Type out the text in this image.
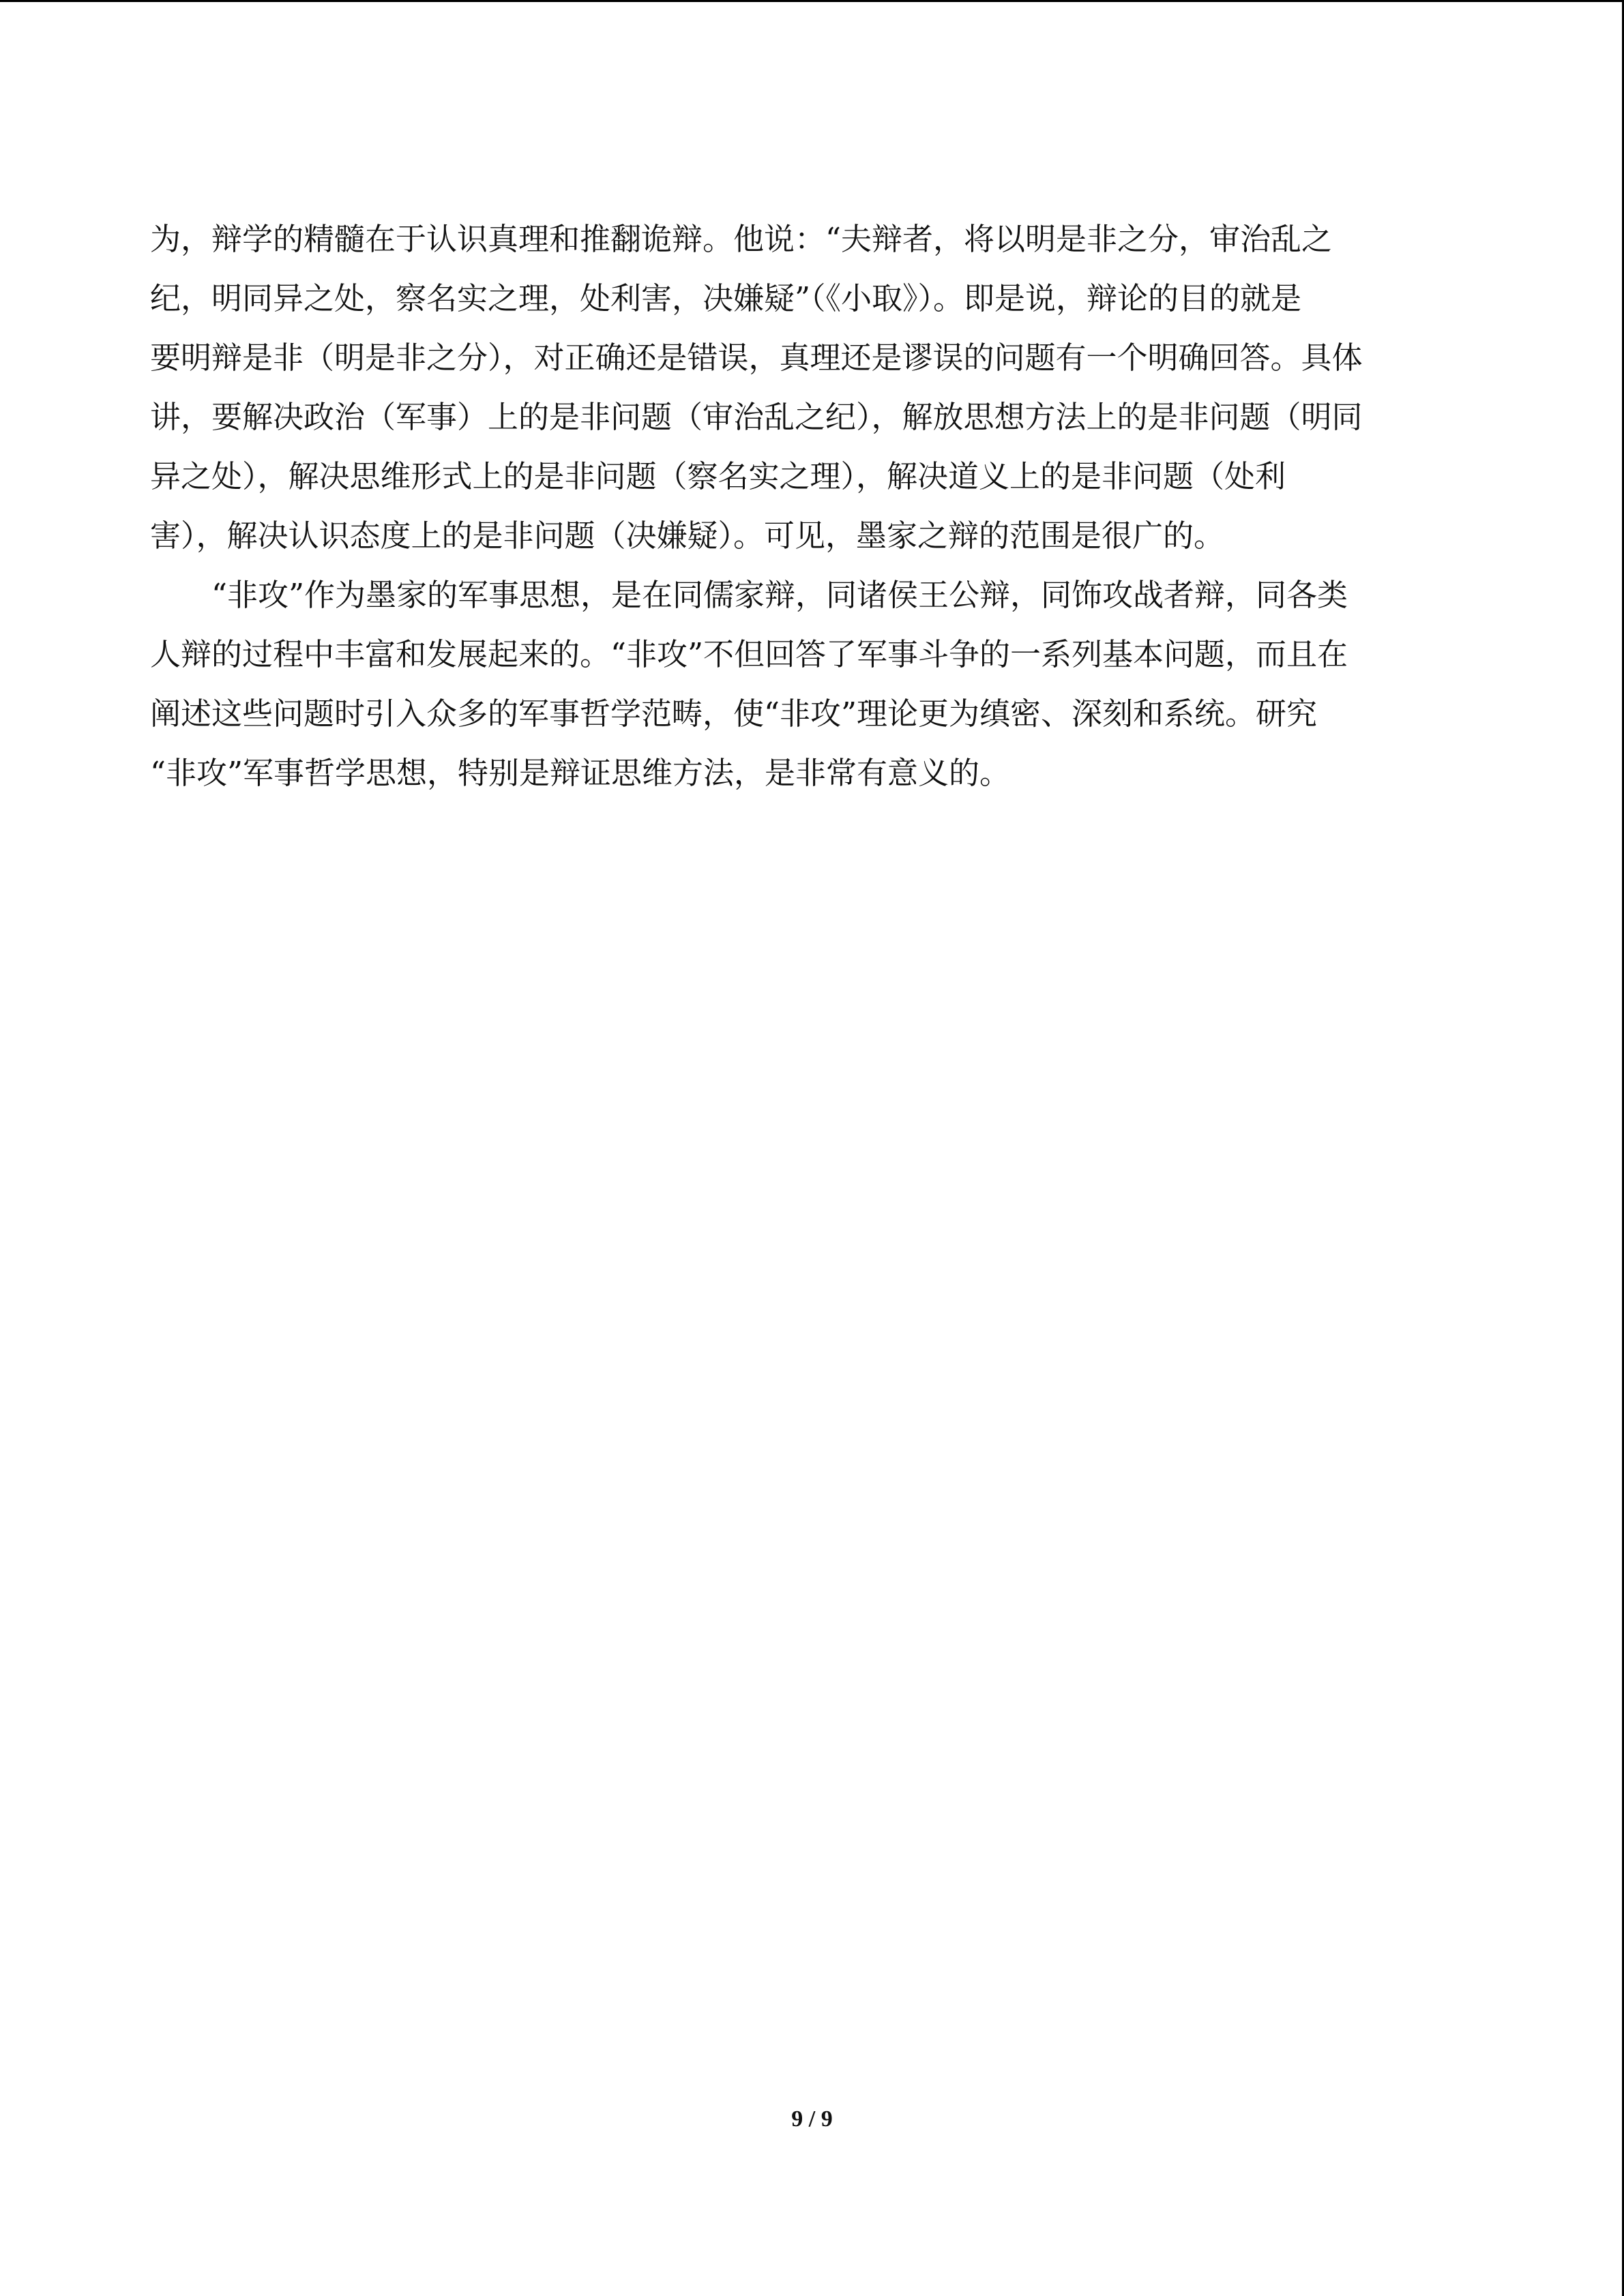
为，辩学的精髓在于认识真理和推翻诡辩。他说：“夫辩者，将以明是非之分，审治乱之
纪，明同异之处，察名实之理，处利害，决嫌疑”（《小取》）。即是说，辩论的目的就是
要明辩是非（明是非之分），对正确还是错误，真理还是谬误的问题有一个明确回答。具体
讲，要解决政治（军事）上的是非问题（审治乱之纪），解放思想方法上的是非问题（明同
异之处），解决思维形式上的是非问题（察名实之理），解决道义上的是非问题（处利
害），解决认识态度上的是非问题（决嫌疑）。可见，墨家之辩的范围是很广的。
　　“非攻”作为墨家的军事思想，是在同儒家辩，同诸侯王公辩，同饰攻战者辩，同各类
人辩的过程中丰富和发展起来的。“非攻”不但回答了军事斗争的一系列基本问题，而且在
阐述这些问题时引入众多的军事哲学范畴，使“非攻”理论更为缜密、深刻和系统。研究
“非攻”军事哲学思想，特别是辩证思维方法，是非常有意义的。
9 / 9
